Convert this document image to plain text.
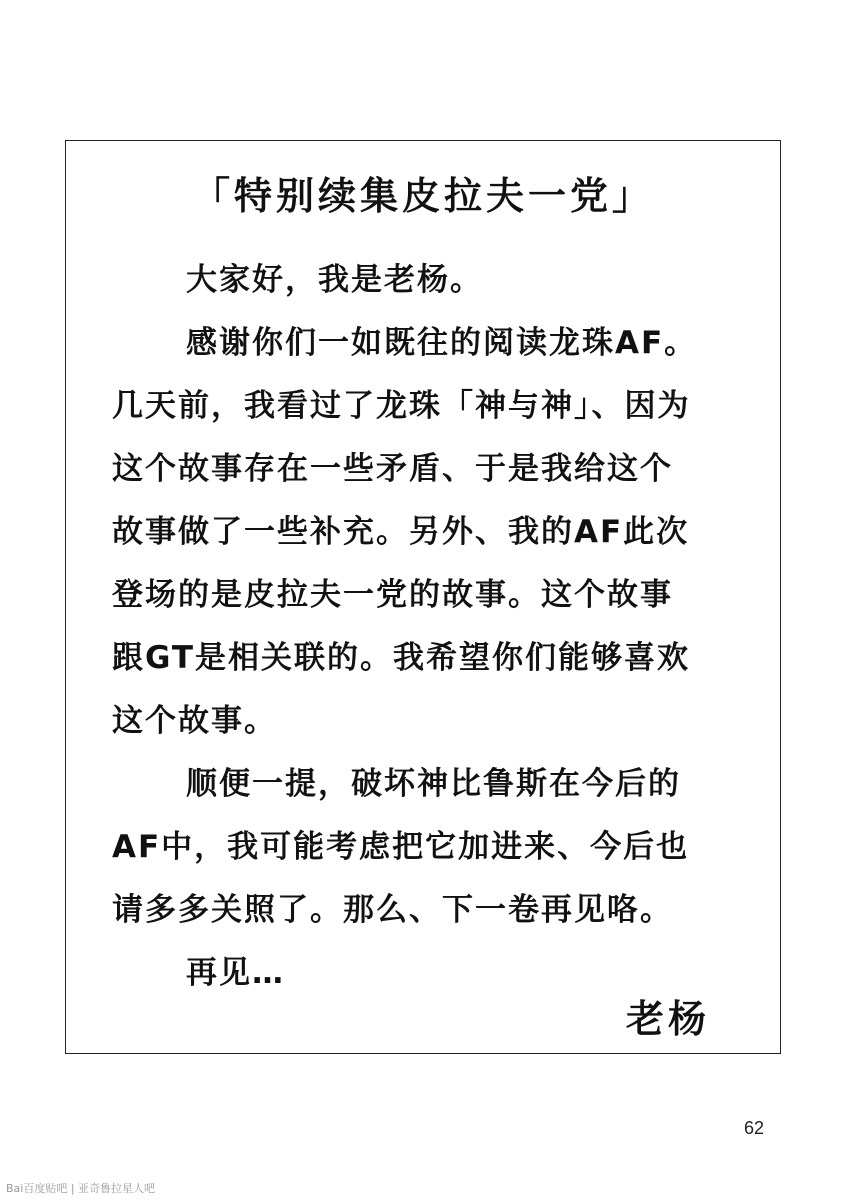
「特别续集皮拉夫一党」
大家好，我是老杨。
感谢你们一如既往的阅读龙珠AF。
几天前，我看过了龙珠「神与神」、因为
这个故事存在一些矛盾、于是我给这个
故事做了一些补充。另外、我的AF此次
登场的是皮拉夫一党的故事。这个故事
跟GT是相关联的。我希望你们能够喜欢
这个故事。
顺便一提，破坏神比鲁斯在今后的
AF中，我可能考虑把它加进来、今后也
请多多关照了。那么、下一卷再见咯。
再见…
老杨
62
Bai百度贴吧 | 亚奇鲁拉星人吧
